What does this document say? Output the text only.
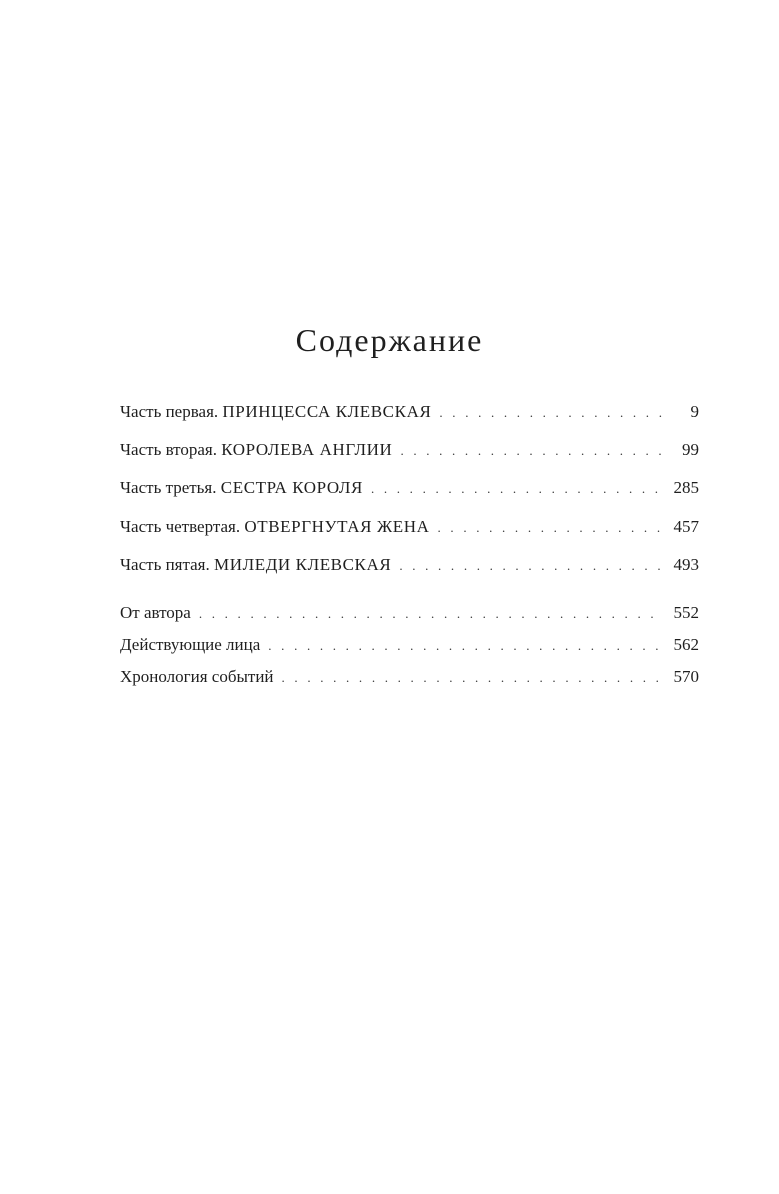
Содержание
Часть первая. ПРИНЦЕССА КЛЕВСКАЯ . . .	9
Часть вторая. КОРОЛЕВА АНГЛИИ . . .	99
Часть третья. СЕСТРА КОРОЛЯ . . .	285
Часть четвертая. ОТВЕРГНУТАЯ ЖЕНА . . .	457
Часть пятая. МИЛЕДИ КЛЕВСКАЯ . . .	493
От автора . . .	552
Действующие лица . . .	562
Хронология событий . . .	570
